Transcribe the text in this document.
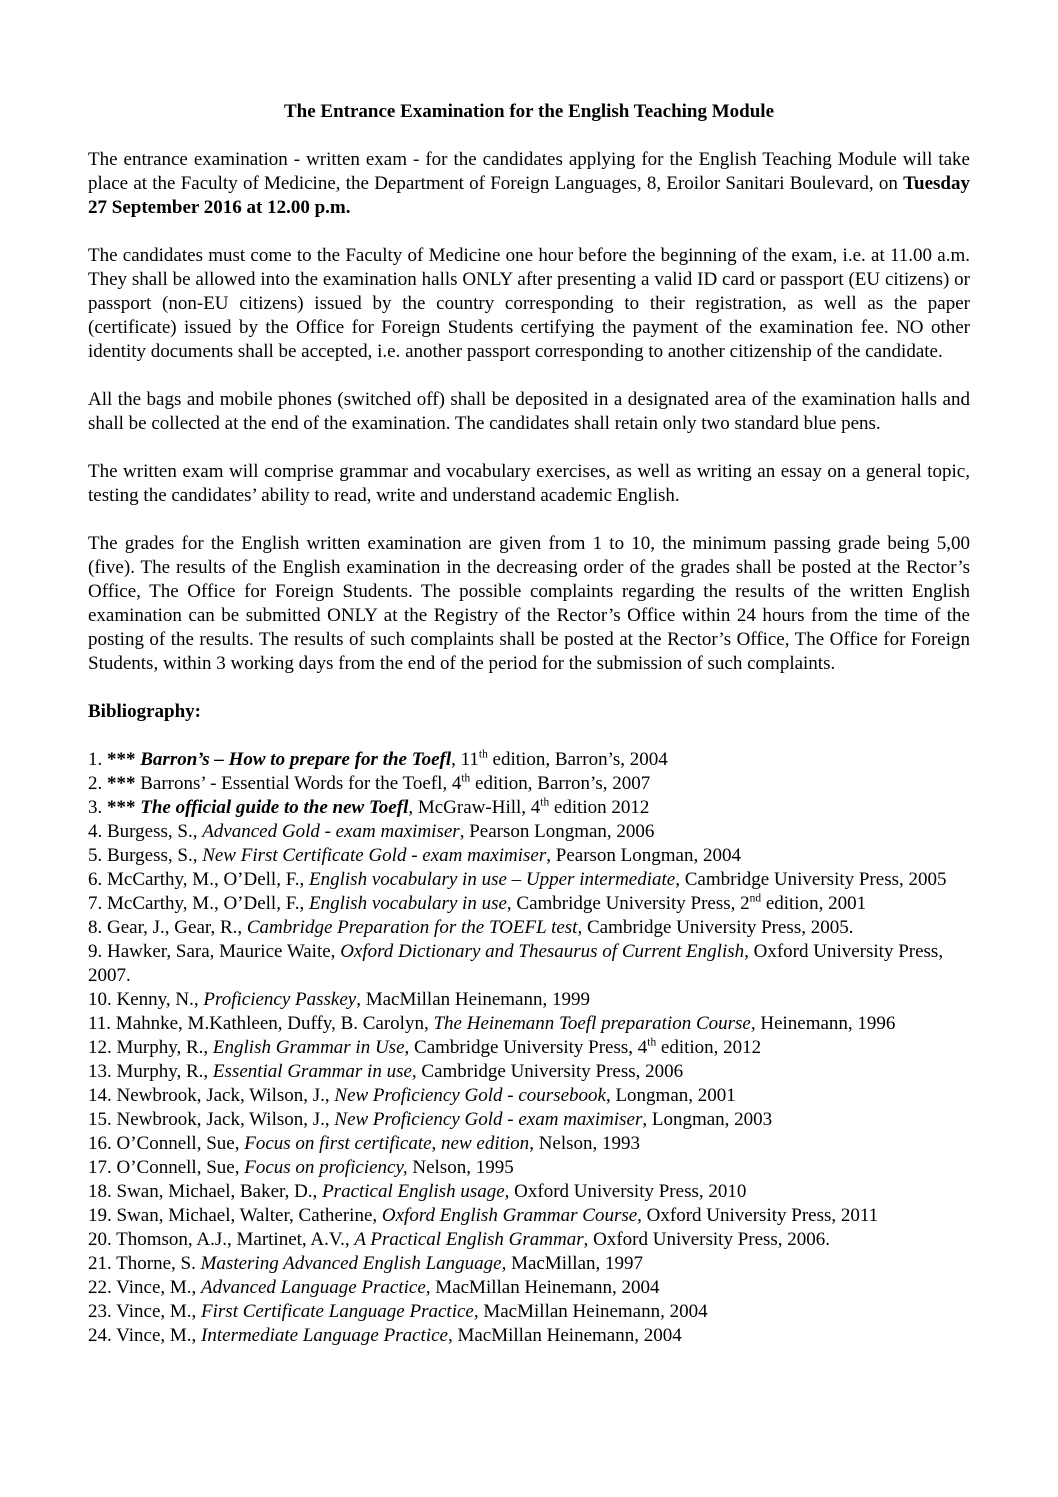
The Entrance Examination for the English Teaching Module

The entrance examination - written exam - for the candidates applying for the English Teaching Module will take place at the Faculty of Medicine, the Department of Foreign Languages, 8, Eroilor Sanitari Boulevard, on Tuesday 27 September 2016 at 12.00 p.m.

The candidates must come to the Faculty of Medicine one hour before the beginning of the exam, i.e. at 11.00 a.m. They shall be allowed into the examination halls ONLY after presenting a valid ID card or passport (EU citizens) or passport (non-EU citizens) issued by the country corresponding to their registration, as well as the paper (certificate) issued by the Office for Foreign Students certifying the payment of the examination fee. NO other identity documents shall be accepted, i.e. another passport corresponding to another citizenship of the candidate.

All the bags and mobile phones (switched off) shall be deposited in a designated area of the examination halls and shall be collected at the end of the examination. The candidates shall retain only two standard blue pens.

The written exam will comprise grammar and vocabulary exercises, as well as writing an essay on a general topic, testing the candidates’ ability to read, write and understand academic English.

The grades for the English written examination are given from 1 to 10, the minimum passing grade being 5,00 (five). The results of the English examination in the decreasing order of the grades shall be posted at the Rector’s Office, The Office for Foreign Students. The possible complaints regarding the results of the written English examination can be submitted ONLY at the Registry of the Rector’s Office within 24 hours from the time of the posting of the results. The results of such complaints shall be posted at the Rector’s Office, The Office for Foreign Students, within 3 working days from the end of the period for the submission of such complaints.

Bibliography:

1. *** Barron’s – How to prepare for the Toefl, 11th edition, Barron’s, 2004

2. *** Barrons’ - Essential Words for the Toefl, 4th edition, Barron’s, 2007

3. *** The official guide to the new Toefl, McGraw-Hill, 4th edition 2012

4. Burgess, S., Advanced Gold - exam maximiser, Pearson Longman, 2006

5. Burgess, S., New First Certificate Gold - exam maximiser, Pearson Longman, 2004

6. McCarthy, M., O’Dell, F., English vocabulary in use – Upper intermediate, Cambridge University Press, 2005

7. McCarthy, M., O’Dell, F., English vocabulary in use, Cambridge University Press, 2nd edition, 2001

8. Gear, J., Gear, R., Cambridge Preparation for the TOEFL test, Cambridge University Press, 2005.

9. Hawker, Sara, Maurice Waite, Oxford Dictionary and Thesaurus of Current English, Oxford University Press, 2007.

10. Kenny, N., Proficiency Passkey, MacMillan Heinemann, 1999

11. Mahnke, M.Kathleen, Duffy, B. Carolyn, The Heinemann Toefl preparation Course, Heinemann, 1996

12. Murphy, R., English Grammar in Use, Cambridge University Press, 4th edition, 2012

13. Murphy, R., Essential Grammar in use, Cambridge University Press, 2006

14. Newbrook, Jack, Wilson, J., New Proficiency Gold - coursebook, Longman, 2001

15. Newbrook, Jack, Wilson, J., New Proficiency Gold - exam maximiser, Longman, 2003

16. O’Connell, Sue, Focus on first certificate, new edition, Nelson, 1993

17. O’Connell, Sue, Focus on proficiency, Nelson, 1995

18. Swan, Michael, Baker, D., Practical English usage, Oxford University Press, 2010

19. Swan, Michael, Walter, Catherine, Oxford English Grammar Course, Oxford University Press, 2011

20. Thomson, A.J., Martinet, A.V., A Practical English Grammar, Oxford University Press, 2006.

21. Thorne, S. Mastering Advanced English Language, MacMillan, 1997

22. Vince, M., Advanced Language Practice, MacMillan Heinemann, 2004

23. Vince, M., First Certificate Language Practice, MacMillan Heinemann, 2004

24. Vince, M., Intermediate Language Practice, MacMillan Heinemann, 2004
